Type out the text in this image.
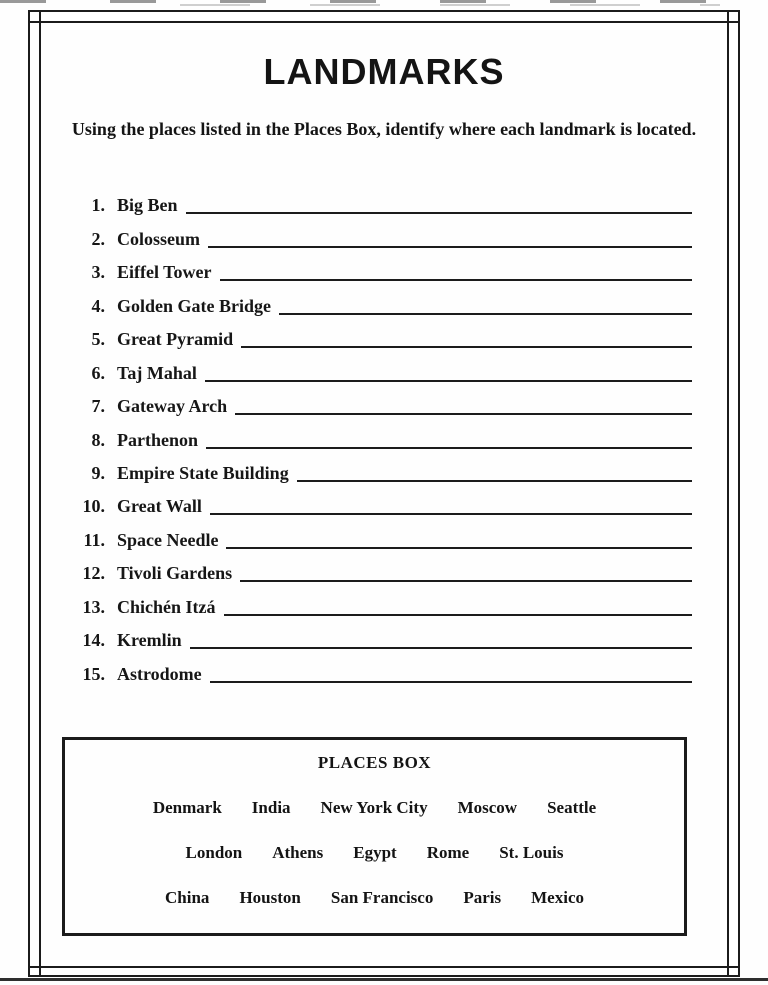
LANDMARKS
Using the places listed in the Places Box, identify where each landmark is located.
1. Big Ben
2. Colosseum
3. Eiffel Tower
4. Golden Gate Bridge
5. Great Pyramid
6. Taj Mahal
7. Gateway Arch
8. Parthenon
9. Empire State Building
10. Great Wall
11. Space Needle
12. Tivoli Gardens
13. Chichén Itzá
14. Kremlin
15. Astrodome
PLACES BOX
Denmark India New York City Moscow Seattle
London Athens Egypt Rome St. Louis
China Houston San Francisco Paris Mexico
